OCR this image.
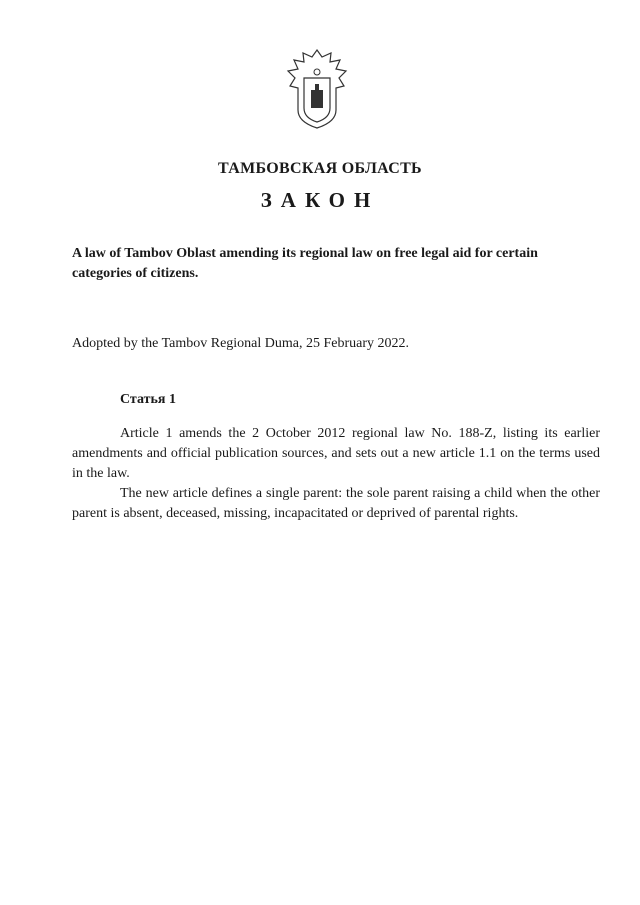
ТАМБОВСКАЯ ОБЛАСТЬ
ЗАКОН
A law of Tambov Oblast amending its regional law on free legal aid for certain categories of citizens.
Adopted by the Tambov Regional Duma, 25 February 2022.
Статья 1

Article 1 amends the 2 October 2012 regional law No. 188-Z, listing its earlier amendments and official publication sources, and sets out a new article 1.1 on the terms used in the law.

The new article defines a single parent: the sole parent raising a child when the other parent is absent, deceased, missing, incapacitated or deprived of parental rights.
